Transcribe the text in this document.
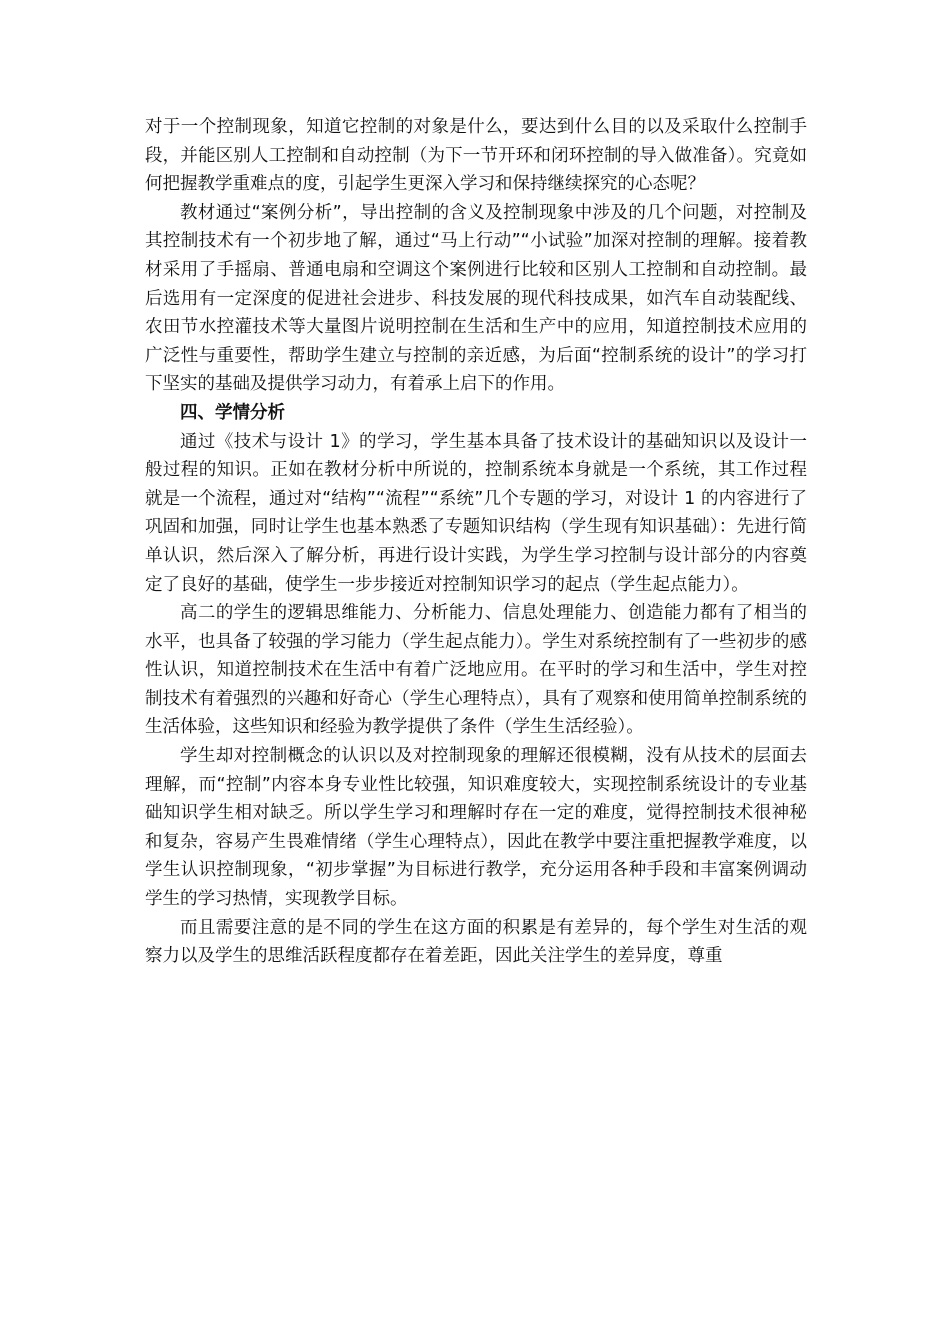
对于一个控制现象，知道它控制的对象是什么，要达到什么目的以及采取什么控制手段，并能区别人工控制和自动控制（为下一节开环和闭环控制的导入做准备）。究竟如何把握教学重难点的度，引起学生更深入学习和保持继续探究的心态呢？

教材通过“案例分析”，导出控制的含义及控制现象中涉及的几个问题，对控制及其控制技术有一个初步地了解，通过“马上行动”“小试验”加深对控制的理解。接着教材采用了手摇扇、普通电扇和空调这个案例进行比较和区别人工控制和自动控制。最后选用有一定深度的促进社会进步、科技发展的现代科技成果，如汽车自动装配线、农田节水控灌技术等大量图片说明控制在生活和生产中的应用，知道控制技术应用的广泛性与重要性，帮助学生建立与控制的亲近感，为后面“控制系统的设计”的学习打下坚实的基础及提供学习动力，有着承上启下的作用。

四、学情分析

通过《技术与设计 1》的学习，学生基本具备了技术设计的基础知识以及设计一般过程的知识。正如在教材分析中所说的，控制系统本身就是一个系统，其工作过程就是一个流程，通过对“结构”“流程”“系统”几个专题的学习，对设计 1 的内容进行了巩固和加强，同时让学生也基本熟悉了专题知识结构（学生现有知识基础）：先进行简单认识，然后深入了解分析，再进行设计实践，为学生学习控制与设计部分的内容奠定了良好的基础，使学生一步步接近对控制知识学习的起点（学生起点能力）。

高二的学生的逻辑思维能力、分析能力、信息处理能力、创造能力都有了相当的水平，也具备了较强的学习能力（学生起点能力）。学生对系统控制有了一些初步的感性认识，知道控制技术在生活中有着广泛地应用。在平时的学习和生活中，学生对控制技术有着强烈的兴趣和好奇心（学生心理特点），具有了观察和使用简单控制系统的生活体验，这些知识和经验为教学提供了条件（学生生活经验）。

学生却对控制概念的认识以及对控制现象的理解还很模糊，没有从技术的层面去理解，而“控制”内容本身专业性比较强，知识难度较大，实现控制系统设计的专业基础知识学生相对缺乏。所以学生学习和理解时存在一定的难度，觉得控制技术很神秘和复杂，容易产生畏难情绪（学生心理特点），因此在教学中要注重把握教学难度，以学生认识控制现象，“初步掌握”为目标进行教学，充分运用各种手段和丰富案例调动学生的学习热情，实现教学目标。

而且需要注意的是不同的学生在这方面的积累是有差异的，每个学生对生活的观察力以及学生的思维活跃程度都存在着差距，因此关注学生的差异度，尊重
